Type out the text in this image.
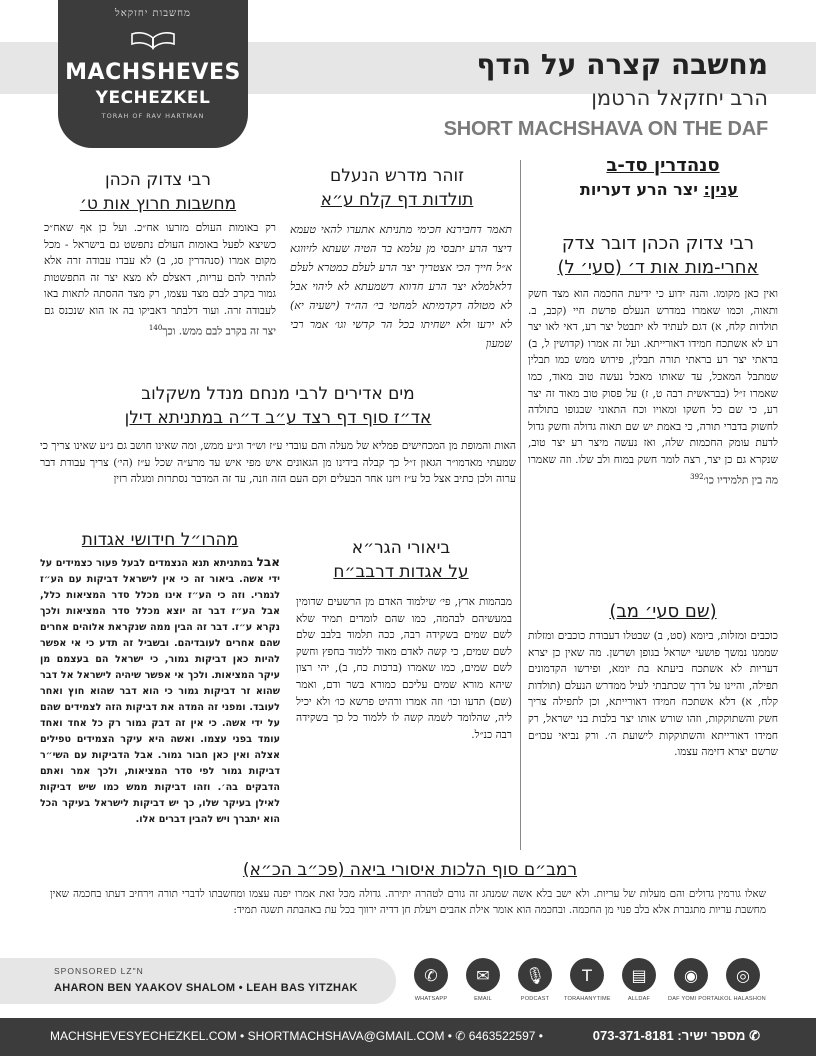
מחשבות יחזקאל
MACHSHEVES
YECHEZKEL
TORAH OF RAV HARTMAN
מחשבה קצרה על הדף
הרב יחזקאל הרטמן
SHORT MACHSHAVA ON THE DAF
סנהדרין סד-ב
ענין: יצר הרע דעריות
רבי צדוק הכהן דובר צדק
אחרי-מות אות ד׳ (סעי׳ ל)
ואין כאן מקומו. והנה ידוע כי ידיעת החכמה הוא מצד חשק ותאוה, וכמו שאמרו במדרש הנעלם פרשת חיי (קכב, ב. תולדות קלח, א) דגם לעתיד לא יתבטל יצר רע, דאי לאו יצר רע לא אשתכח חמידו דאורייתא. ועל זה אמרו (קדושין ל, ב) בראתי יצר רע בראתי תורה תבלין, פירוש ממש כמו תבלין שמתבל המאכל, עד שאותו מאכל נעשה טוב מאוד, כמו שאמרו ז״ל (בבראשית רבה ט, ז) על פסוק טוב מאוד זה יצר רע, כי שם כל חשקו ומאויו וכח התאוני שבגופו בתולדה לחשוק בדברי תורה, כי באמת יש שם תאוה גדולה וחשק גדול לדעת עומק החכמות שלה, ואז נעשה מיצר רע יצר טוב, שנקרא גם כן יצר, רצה לומר חשק במוח ולב שלו. וזה שאמרו מה בין תלמידיו כו׳$^{392}$
(שם סעי׳ מב)
כוכבים ומזלות, ביומא (סט, ב) שבטלו דעבודת כוכבים ומזלות שממנו נמשך פושעי ישראל בגופן ושרשן. מה שאין כן יצרא דעריות לא אשתכח ביעתא בת יומא, ופירשו הקדמונים תפילה, והיינו על דרך שכתבתי לעיל ממדרש הנעלם (תולדות קלח, א) דלא אשתכח חמידו דאורייתא, וכן לתפילה צריך חשק והשתוקקות, וזהו שורש אותו יצר בלבות בני ישראל, רק חמידו דאורייתא והשתוקקות לישועת ה׳. ורק נביאי עכו״ם שרשם יצרא דזימה עצמו.
זוהר מדרש הנעלם
תולדות דף קלח ע״א
תאמר דחבירנא חכימי מתניתא אתערו להאי טעמא דיצר הרע יתבסי מן עלמא בר הטיה שעתא לזיווגא א״ל חייך הכי אצטריך יצר הרע לעלם כמטרא לעלם דלאלמלא יצר הרע חדווא דשמעתא לא ליהוי אבל לא מטולה דקדמיתא למחטי בי׳ הה״ד (ישעיה יא) לא ירעו ולא ישחיתו בכל הר קדשי וגו׳ אמר רבי שמעון
רבי צדוק הכהן
מחשבות חרוץ אות ט׳
רק באומות העולם מזרעו אח״כ. ועל כן אף שאח״כ כשיצא לפעל באומות העולם נתפשט גם בישראל - מכל מקום אמרו (סנהדרין סג, ב) לא עבדו עבודה זרה אלא להתיר להם עריות, דאצלם לא מצא יצר זה התפשטות גמור בקרב לבם מצד עצמו, רק מצד ההסתה לתאות באו לעבודה זרה. ועוד דלבתר דאביקו בה אז הוא שנכנס גם יצר זה בקרב לבם ממש. וכך$^{140}$
מים אדירים לרבי מנחם מנדל משקלוב
אד״ז סוף דף רצד ע״ב ד״ה במתניתא דילן
האות והמופת מן המכחישים פמליא של מעלה והם עובדי ע״ז וש״ד וג״ע ממש, ומה שאינו חושב גם ג״ע שאינו צריך כי שמעתי מאדמו״ר הגאון ז״ל כך קבלה בידינו מן הגאונים איש מפי איש עד מרע״ה שכל ע״ז (הי׳) צריך עבודת דבר ערוה ולכן כתיב אצל כל ע״ז ויזנו אחר הבעלים וקם העם הזה וזנה, עד זה המדבר נסתרות ומגלה רזין
ביאורי הגר״א
על אגדות דרבב״ח
מבהמות ארץ, פי׳ שילמוד האדם מן הרשעים שדומין במעשיהם לבהמה, כמו שהם לומדים תמיד שלא לשם שמים בשקידה רבה, ככה תלמוד בלבב שלם לשם שמים, כי קשה לאדם מאוד ללמוד בחפץ וחשק לשם שמים, כמו שאמרו (ברכות כח, ב), יהי רצון שיהא מורא שמים עליכם כמורא בשר ודם, ואמר (שם) תדעו וכו׳ וזה אמרו ורהיט פרשא כו׳ ולא יכיל ליה, שהלומד לשמה קשה לו ללמוד כל כך בשקידה רבה כנ״ל.
מהרו״ל חידושי אגדות
אבל במתניתא תנא הנצמדים לבעל פעור כצמידים על ידי אשה. ביאור זה כי אין לישראל דביקות עם הע״ז לגמרי. וזה כי הע״ז אינו מכלל סדר המציאות כלל, אבל הע״ז דבר זה יוצא מכלל סדר המציאות ולכך נקרא ע״ז. דבר זה הבין ממה שנקראת אלוהים אחרים שהם אחרים לעובדיהם. ובשביל זה תדע כי אי אפשר להיות כאן דביקות גמור, כי ישראל הם בעצמם מן עיקר המציאות. ולכך אי אפשר שיהיה לישראל אל דבר שהוא זר דביקות גמור כי הוא דבר שהוא חוץ ואחר לעובד. ומפני זה המדה את דביקות הזה לצמידים שהם על ידי אשה. כי אין זה דבק גמור רק כל אחד ואחד עומד בפני עצמו. ואשה היא עיקר הצמידים טפילים אצלה ואין כאן חבור גמור. אבל הדביקות עם השי״ר דביקות גמור לפי סדר המציאות, ולכך אמר ואתם הדבקים בה׳. וזהו דביקות ממש כמו שיש דביקות לאילן בעיקר שלו, כך יש דביקות לישראל בעיקר הכל הוא יתברך ויש להבין דברים אלו.
רמב״ם סוף הלכות איסורי ביאה (פכ״ב הכ״א)
שאלו גורמין גדולים והם מעלות של עריות. ולא ישב בלא אשה שמנהג זה גורם לטהרה יתירה. גדולה מכל זאת אמרו יפנה עצמו ומחשבתו לדברי תורה וירחיב דעתו בחכמה שאין מחשבת עריות מתגברת אלא בלב פנוי מן החכמה. ובחכמה הוא אומר אילת אהבים ויעלת חן דדיה ירווך בכל עת באהבתה תשגה תמיד:
SPONSORED LZ"N
AHARON BEN YAAKOV SHALOM • LEAH BAS YITZHAK
✆
WHATSAPP
✉
EMAIL
🎙
PODCAST
T
TORAHANYTIME
▤
ALLDAF
◉
DAF YOMI PORTAL
◎
KOL HALASHON
MACHSHEVESYECHEZKEL.COM • SHORTMACHSHAVA@GMAIL.COM • ✆ 6463522597 •	073-371-8181 :מספר ישיר ✆
